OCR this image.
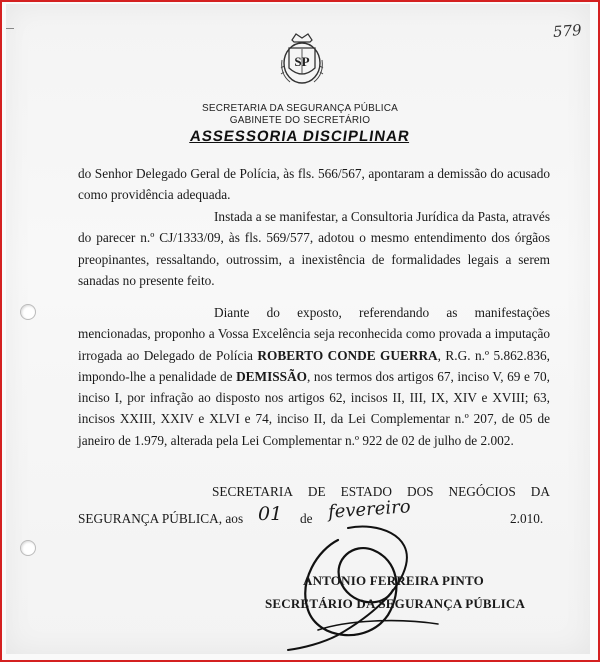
579
SP
SECRETARIA DA SEGURANÇA PÚBLICA
GABINETE DO SECRETÁRIO
ASSESSORIA DISCIPLINAR
do Senhor Delegado Geral de Polícia, às fls. 566/567, apontaram a demissão do acusado como providência adequada.
Instada a se manifestar, a Consultoria Jurídica da Pasta, através do parecer n.º CJ/1333/09, às fls. 569/577, adotou o mesmo entendimento dos órgãos preopinantes, ressaltando, outrossim, a inexistência de formalidades legais a serem sanadas no presente feito.
Diante do exposto, referendando as manifestações mencionadas, proponho a Vossa Excelência seja reconhecida como provada a imputação irrogada ao Delegado de Polícia ROBERTO CONDE GUERRA, R.G. n.º 5.862.836, impondo-lhe a penalidade de DEMISSÃO, nos termos dos artigos 67, inciso V, 69 e 70, inciso I, por infração ao disposto nos artigos 62, incisos II, III, IX, XIV e XVIII; 63, incisos XXIII, XXIV e XLVI e 74, inciso II, da Lei Complementar n.º 207, de 05 de janeiro de 1.979, alterada pela Lei Complementar n.º 922 de 02 de julho de 2.002.
SECRETARIA DE ESTADO DOS NEGÓCIOS DA
SEGURANÇA PÚBLICA, aos 01 de fevereiro	2.010.
ANTONIO FERREIRA PINTO
SECRETÁRIO DA SEGURANÇA PÚBLICA
